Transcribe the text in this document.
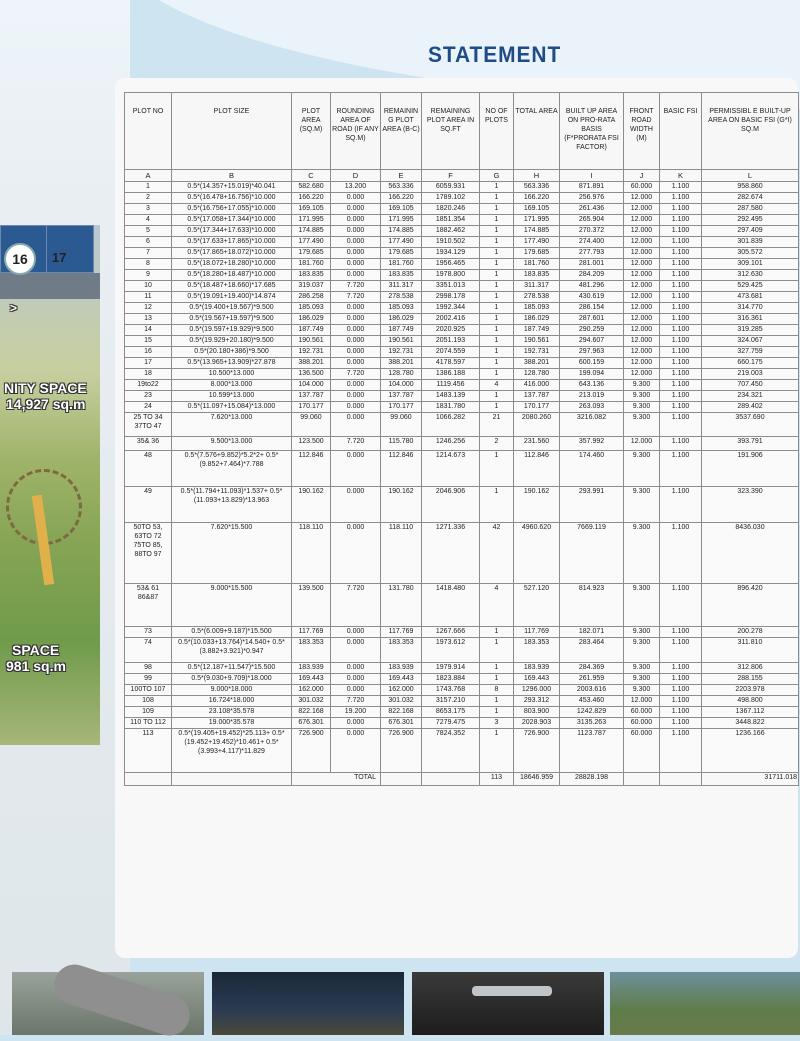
16 17
>
NITY SPACE
14,927 sq.m
SPACE
981 sq.m
STATEMENT
PLOT NO	PLOT SIZE	PLOT AREA (SQ.M)	ROUNDING AREA OF ROAD (IF ANY SQ.M)	REMAININ G PLOT AREA (B-C)	REMAINING PLOT AREA IN SQ.FT	NO OF PLOTS	TOTAL AREA	BUILT UP AREA ON PRO-RATA BASIS (F*PRORATA FSI FACTOR)	FRONT ROAD WIDTH (M)	BASIC FSI	PERMISSIBL E BUILT-UP AREA ON BASIC FSI (G*I) SQ.M
A	B	C	D	E	F	G	H	I	J	K	L
1	0.5*(14.357+15.019)*40.041	582.680	13.200	563.336	6059.931	1	563.336	871.891	60.000	1.100	958.860
2	0.5*(16.478+16.756)*10.000	166.220	0.000	166.220	1789.102	1	166.220	256.976	12.000	1.100	282.674
3	0.5*(16.756+17.055)*10.000	169.105	0.000	169.105	1820.246	1	169.105	261.436	12.000	1.100	287.580
4	0.5*(17.058+17.344)*10.000	171.995	0.000	171.995	1851.354	1	171.995	265.904	12.000	1.100	292.495
5	0.5*(17.344+17.633)*10.000	174.885	0.000	174.885	1882.462	1	174.885	270.372	12.000	1.100	297.409
6	0.5*(17.633+17.865)*10.000	177.490	0.000	177.490	1910.502	1	177.490	274.400	12.000	1.100	301.839
7	0.5*(17.865+18.072)*10.000	179.685	0.000	179.685	1934.129	1	179.685	277.793	12.000	1.100	305.572
8	0.5*(18.072+18.280)*10.000	181.760	0.000	181.760	1956.465	1	181.760	281.001	12.000	1.100	309.101
9	0.5*(18.280+18.487)*10.000	183.835	0.000	183.835	1978.800	1	183.835	284.209	12.000	1.100	312.630
10	0.5*(18.487+18.660)*17.685	319.037	7.720	311.317	3351.013	1	311.317	481.296	12.000	1.100	529.425
11	0.5*(19.091+19.400)*14.874	286.258	7.720	278.538	2998.178	1	278.538	430.619	12.000	1.100	473.681
12	0.5*(19.400+19.567)*9.500	185.093	0.000	185.093	1992.344	1	185.093	286.154	12.000	1.100	314.770
13	0.5*(19.567+19.597)*9.500	186.029	0.000	186.029	2002.416	1	186.029	287.601	12.000	1.100	316.361
14	0.5*(19.597+19.929)*9.500	187.749	0.000	187.749	2020.925	1	187.749	290.259	12.000	1.100	319.285
15	0.5*(19.929+20.180)*9.500	190.561	0.000	190.561	2051.193	1	190.561	294.607	12.000	1.100	324.067
16	0.5*(20.180+386)*9.500	192.731	0.000	192.731	2074.559	1	192.731	297.963	12.000	1.100	327.759
17	0.5*(13.965+13.909)*27.878	388.201	0.000	388.201	4178.597	1	388.201	600.159	12.000	1.100	660.175
18	10.500*13.000	136.500	7.720	128.780	1386.188	1	128.780	199.094	12.000	1.100	219.003
19to22	8.000*13.000	104.000	0.000	104.000	1119.456	4	416.000	643.136	9.300	1.100	707.450
23	10.599*13.000	137.787	0.000	137.787	1483.139	1	137.787	213.019	9.300	1.100	234.321
24	0.5*(11.097+15.084)*13.000	170.177	0.000	170.177	1831.780	1	170.177	263.093	9.300	1.100	289.402
25 TO 34 37TO 47	7.620*13.000	99.060	0.000	99.060	1066.282	21	2080.260	3216.082	9.300	1.100	3537.690
35& 36	9.500*13.000	123.500	7.720	115.780	1246.256	2	231.560	357.992	12.000	1.100	393.791
48	0.5*(7.576+9.852)*5.2*2+ 0.5*(9.852+7.464)*7.788	112.846	0.000	112.846	1214.673	1	112.846	174.460	9.300	1.100	191.906
49	0.5*(11.794+11.093)*1.537+ 0.5*(11.093+13.829)*13.963	190.162	0.000	190.162	2046.906	1	190.162	293.991	9.300	1.100	323.390
50TO 53, 63TO 72 75TO 85, 88TO 97	7.620*15.500	118.110	0.000	118.110	1271.336	42	4960.620	7669.119	9.300	1.100	8436.030
53& 61 86&87	9.000*15.500	139.500	7.720	131.780	1418.480	4	527.120	814.923	9.300	1.100	896.420
73	0.5*(6.009+9.187)*15.500	117.769	0.000	117.769	1267.666	1	117.769	182.071	9.300	1.100	200.278
74	0.5*(10.033+13.764)*14.540+ 0.5*(3.882+3.921)*0.947	183.353	0.000	183.353	1973.612	1	183.353	283.464	9.300	1.100	311.810
98	0.5*(12.187+11.547)*15.500	183.939	0.000	183.939	1979.914	1	183.939	284.369	9.300	1.100	312.806
99	0.5*(9.030+9.709)*18.000	169.443	0.000	169.443	1823.884	1	169.443	261.959	9.300	1.100	288.155
100TO 107	9.000*18.000	162.000	0.000	162.000	1743.768	8	1296.000	2003.616	9.300	1.100	2203.978
108	16.724*18.000	301.032	7.720	301.032	3157.210	1	293.312	453.460	12.000	1.100	498.800
109	23.108*35.578	822.168	19.200	822.168	8653.175	1	803.900	1242.829	60.000	1.100	1367.112
110 TO 112	19.000*35.578	676.301	0.000	676.301	7279.475	3	2028.903	3135.263	60.000	1.100	3448.822
113	0.5*(19.405+19.452)*25.113+ 0.5*(19.452+19.452)*10.461+ 0.5*(3.993+4.117)*11.829	726.900	0.000	726.900	7824.352	1	726.900	1123.787	60.000	1.100	1236.166
		TOTAL				113	18646.959	28828.198			31711.018
